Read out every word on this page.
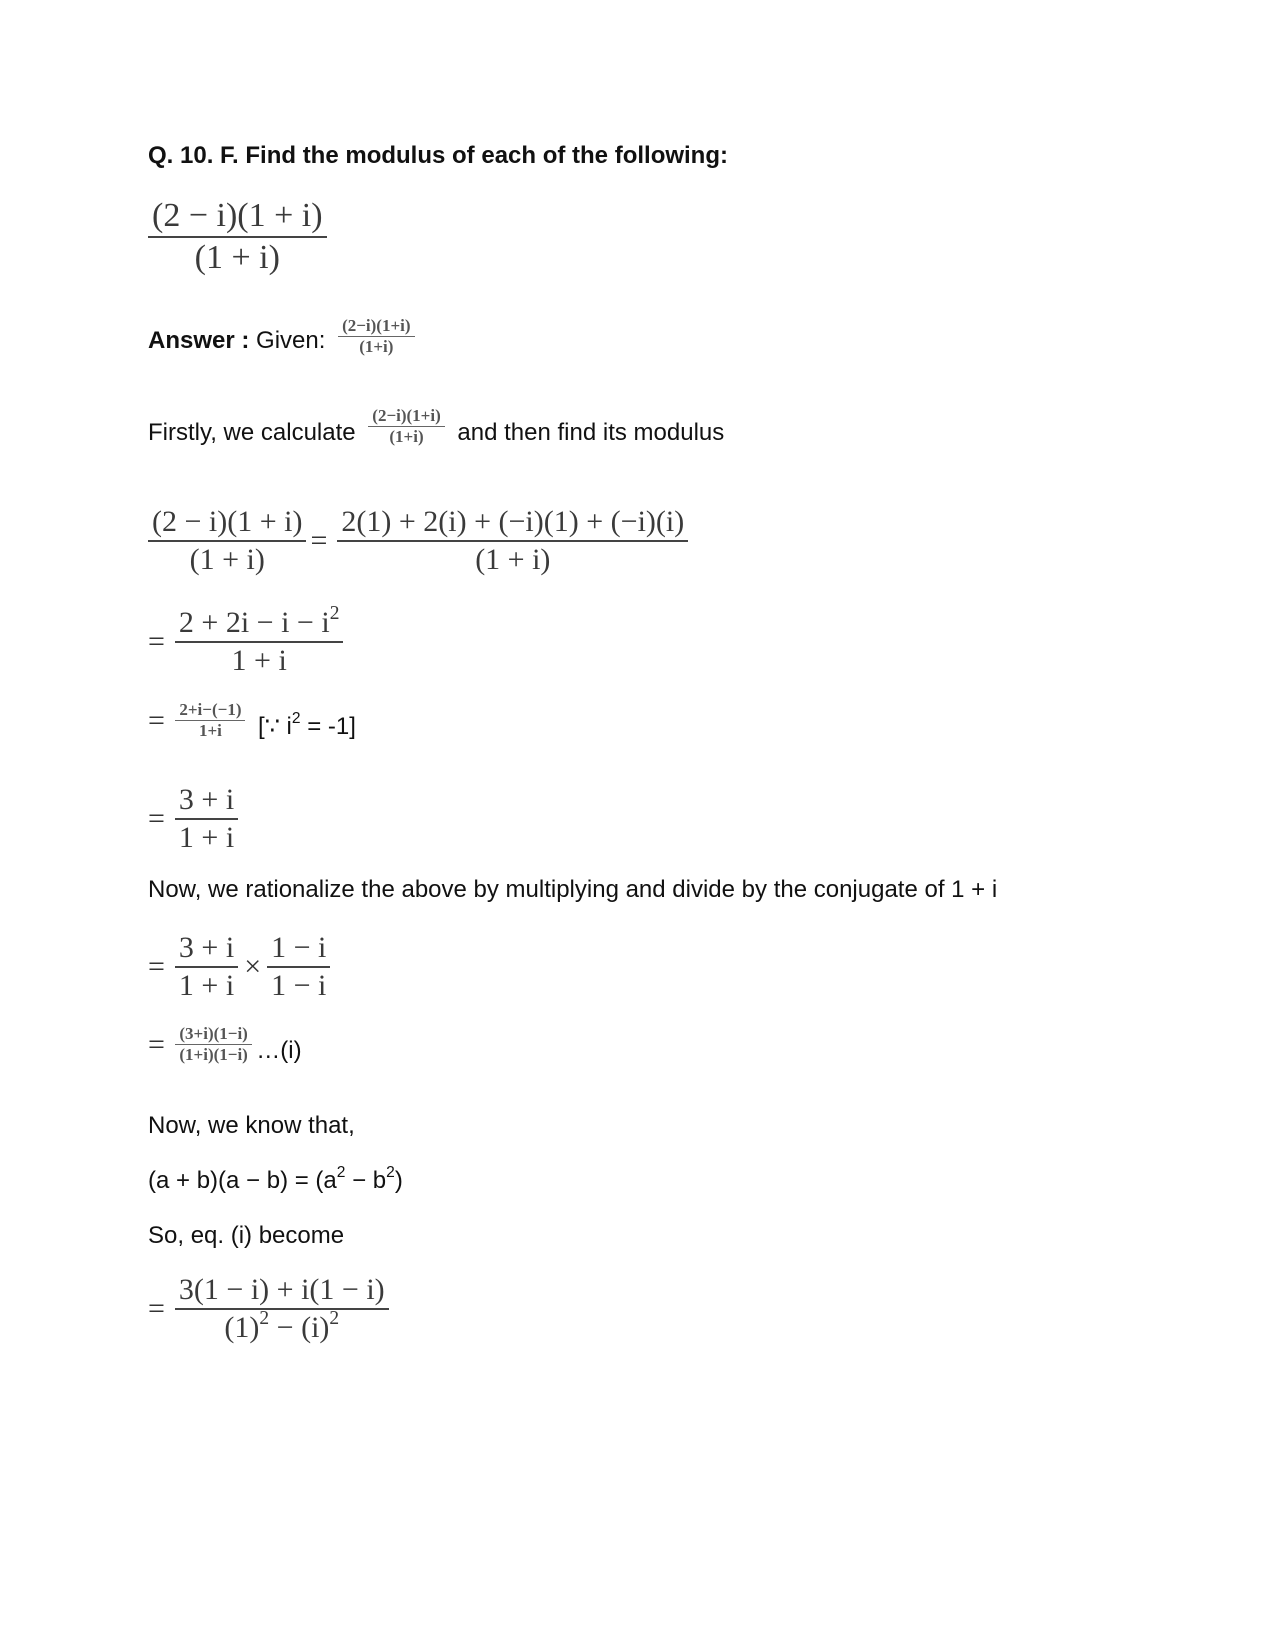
Q. 10. F. Find the modulus of each of the following:
$\frac{(2 - i)(1 + i)}{(1 + i)}$
Answer : Given: $\frac{(2-i)(1+i)}{(1+i)}$
Firstly, we calculate $\frac{(2-i)(1+i)}{(1+i)}$ and then find its modulus
$\frac{(2 - i)(1 + i)}{(1 + i)} = \frac{2(1) + 2(i) + (-i)(1) + (-i)(i)}{(1 + i)}$
= $\frac{2 + 2i - i - i^2}{1 + i}$
= $\frac{2+i-(-1)}{1+i}$ [∵ $i^2 = -1$]
= $\frac{3 + i}{1 + i}$
Now, we rationalize the above by multiplying and divide by the conjugate of 1 + i
= $\frac{3 + i}{1 + i} \times \frac{1 - i}{1 - i}$
= $\frac{(3+i)(1-i)}{(1+i)(1-i)}$ …(i)
Now, we know that,
$(a + b)(a - b) = (a^2 - b^2)$
So, eq. (i) become
= $\frac{3(1 - i) + i(1 - i)}{(1)^2 - (i)^2}$
